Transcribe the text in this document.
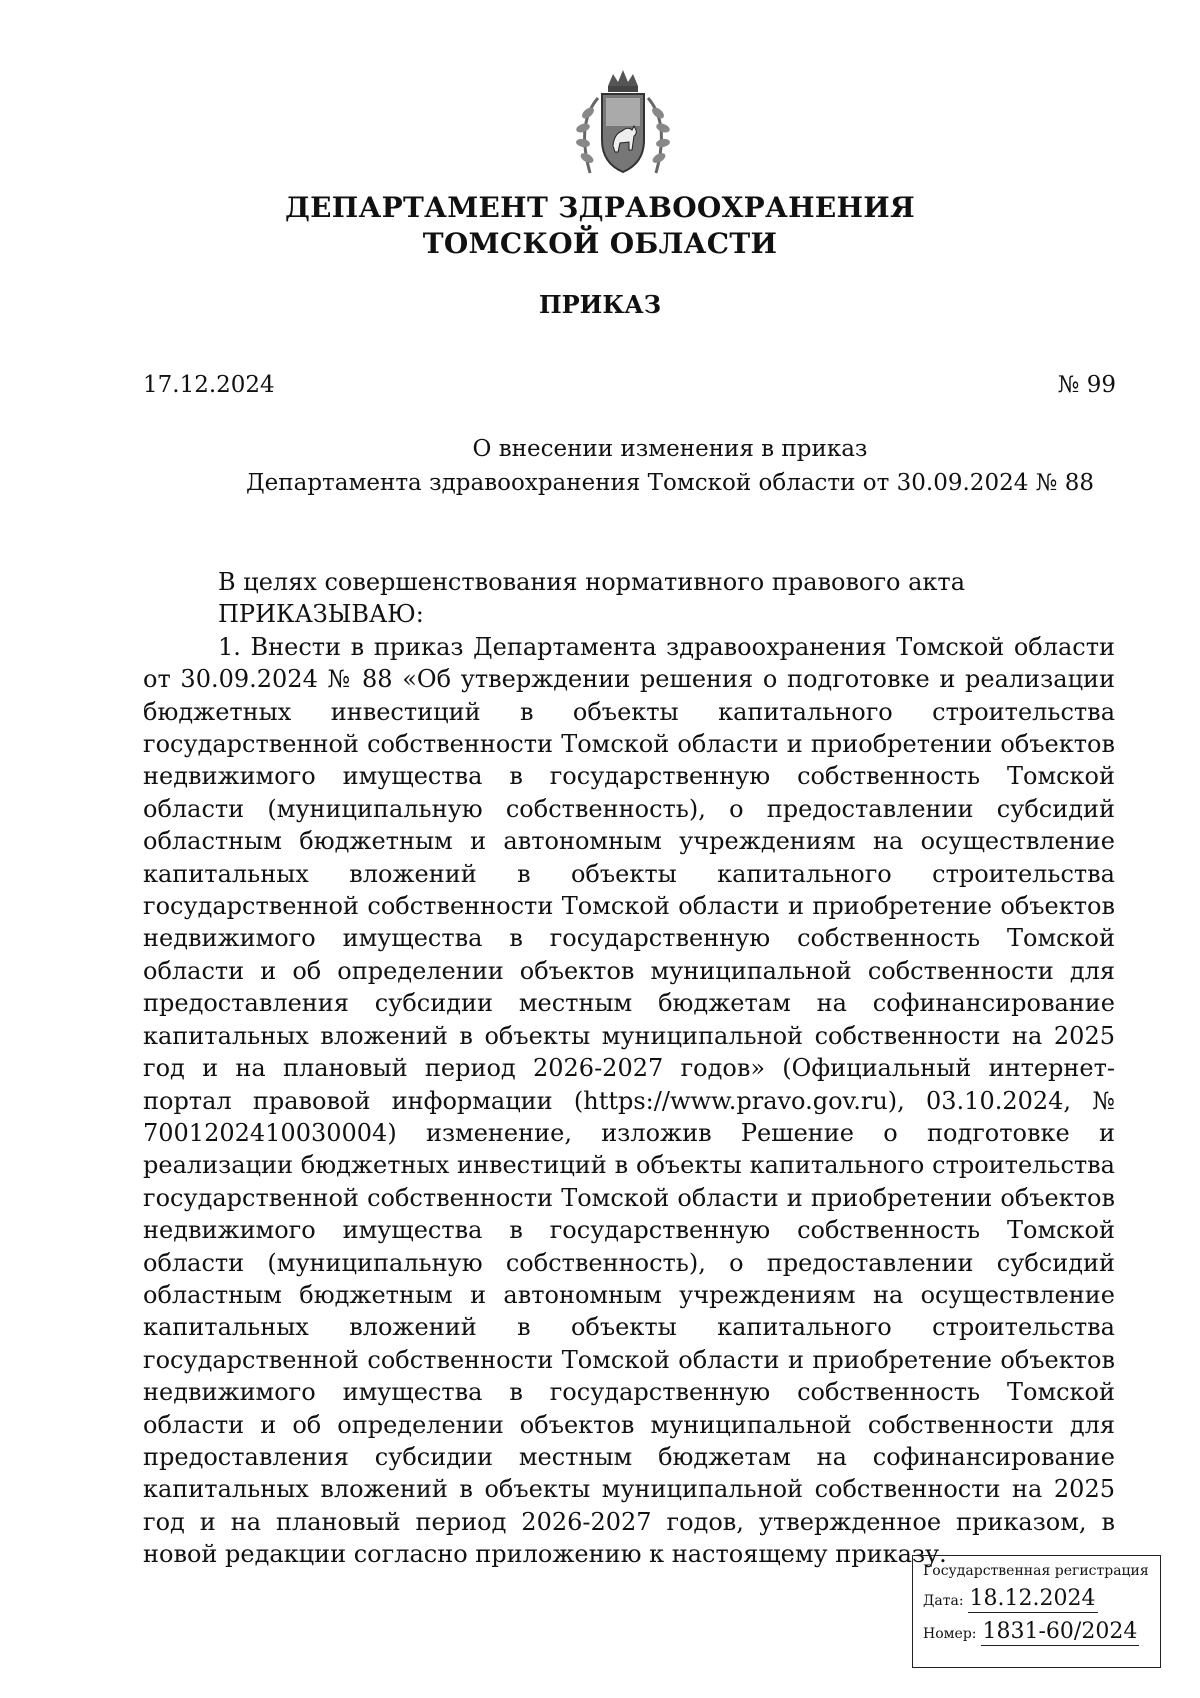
ДЕПАРТАМЕНТ ЗДРАВООХРАНЕНИЯ
ТОМСКОЙ ОБЛАСТИ
ПРИКАЗ
17.12.2024	№ 99
О внесении изменения в приказ
Департамента здравоохранения Томской области от 30.09.2024 № 88

В целях совершенствования нормативного правового акта

ПРИКАЗЫВАЮ:

1. Внести в приказ Департамента здравоохранения Томской области от 30.09.2024 № 88 «Об утверждении решения о подготовке и реализации бюджетных инвестиций в объекты капитального строительства государственной собственности Томской области и приобретении объектов недвижимого имущества в государственную собственность Томской области (муниципальную собственность), о предоставлении субсидий областным бюджетным и автономным учреждениям на осуществление капитальных вложений в объекты капитального строительства государственной собственности Томской области и приобретение объектов недвижимого имущества в государственную собственность Томской области и об определении объектов муниципальной собственности для предоставления субсидии местным бюджетам на софинансирование капитальных вложений в объекты муниципальной собственности на 2025 год и на плановый период 2026-2027 годов» (Официальный интернет-портал правовой информации (https://www.pravo.gov.ru), 03.10.2024, № 7001202410030004) изменение, изложив Решение о подготовке и реализации бюджетных инвестиций в объекты капитального строительства государственной собственности Томской области и приобретении объектов недвижимого имущества в государственную собственность Томской области (муниципальную собственность), о предоставлении субсидий областным бюджетным и автономным учреждениям на осуществление капитальных вложений в объекты капитального строительства государственной собственности Томской области и приобретение объектов недвижимого имущества в государственную собственность Томской области и об определении объектов муниципальной собственности для предоставления субсидии местным бюджетам на софинансирование капитальных вложений в объекты муниципальной собственности на 2025 год и на плановый период 2026-2027 годов, утвержденное приказом, в новой редакции согласно приложению к настоящему приказу.

Государственная регистрация
Дата: 18.12.2024
Номер: 1831-60/2024
